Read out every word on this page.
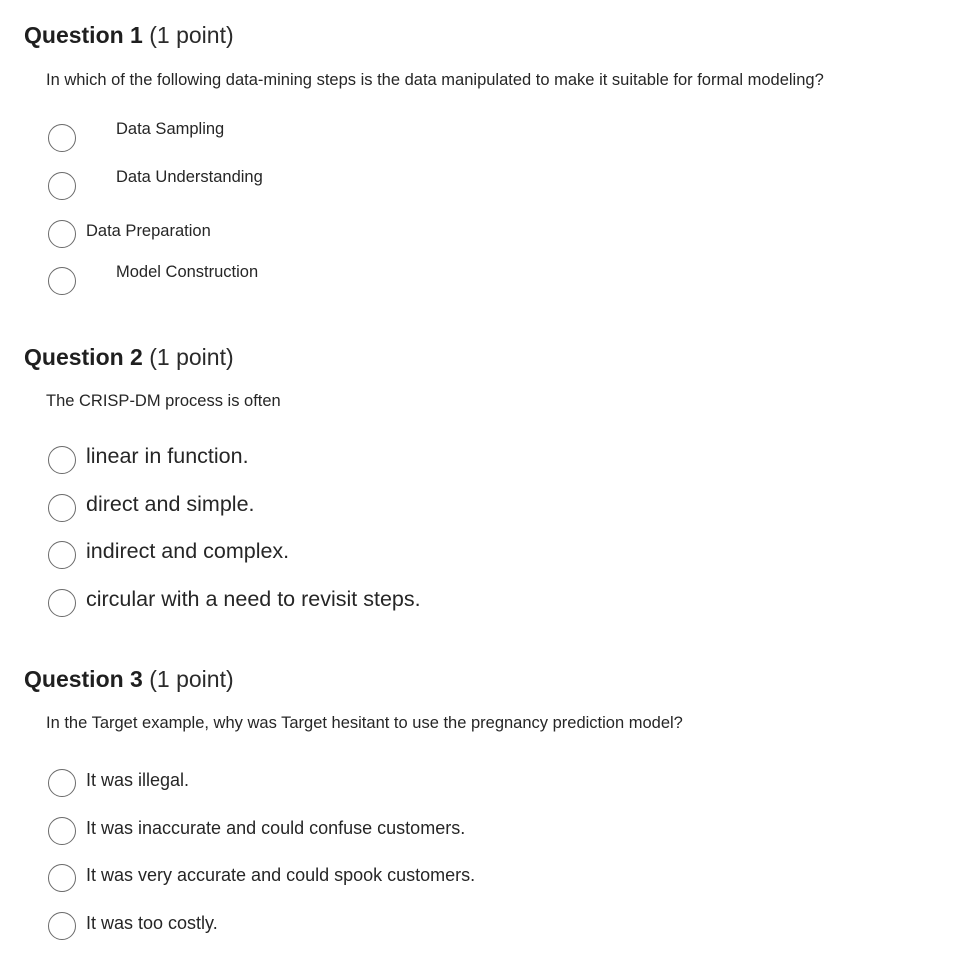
Question 1 (1 point)
In which of the following data-mining steps is the data manipulated to make it suitable for formal modeling?
Data Sampling
Data Understanding
Data Preparation
Model Construction
Question 2 (1 point)
The CRISP-DM process is often
linear in function.
direct and simple.
indirect and complex.
circular with a need to revisit steps.
Question 3 (1 point)
In the Target example, why was Target hesitant to use the pregnancy prediction model?
It was illegal.
It was inaccurate and could confuse customers.
It was very accurate and could spook customers.
It was too costly.
